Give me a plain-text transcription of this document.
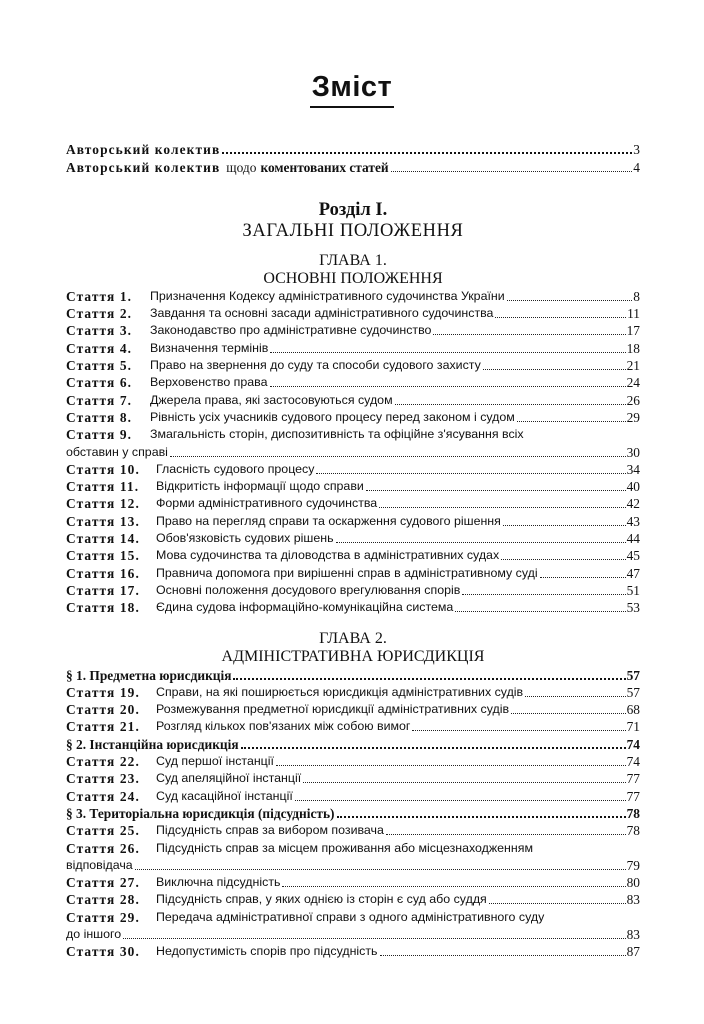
Зміст
Авторський колектив	3
Авторський колектив щодо коментованих статей	4
Розділ І.
ЗАГАЛЬНІ ПОЛОЖЕННЯ
ГЛАВА 1.
ОСНОВНІ ПОЛОЖЕННЯ
Стаття 1.	Призначення Кодексу адміністративного судочинства України	8
Стаття 2.	Завдання та основні засади адміністративного судочинства	11
Стаття 3.	Законодавство про адміністративне судочинство	17
Стаття 4.	Визначення термінів	18
Стаття 5.	Право на звернення до суду та способи судового захисту	21
Стаття 6.	Верховенство права	24
Стаття 7.	Джерела права, які застосовуються судом	26
Стаття 8.	Рівність усіх учасників судового процесу перед законом і судом	29
Стаття 9.	Змагальність сторін, диспозитивність та офіційне з'ясування всіх
обставин у справі	30
Стаття 10.	Гласність судового процесу	34
Стаття 11.	Відкритість інформації щодо справи	40
Стаття 12.	Форми адміністративного судочинства	42
Стаття 13.	Право на перегляд справи та оскарження судового рішення	43
Стаття 14.	Обов'язковість судових рішень	44
Стаття 15.	Мова судочинства та діловодства в адміністративних судах	45
Стаття 16.	Правнича допомога при вирішенні справ в адміністративному суді	47
Стаття 17.	Основні положення досудового врегулювання спорів	51
Стаття 18.	Єдина судова інформаційно-комунікаційна система	53
ГЛАВА 2.
АДМІНІСТРАТИВНА ЮРИСДИКЦІЯ
§ 1. Предметна юрисдикція	57
Стаття 19.	Справи, на які поширюється юрисдикція адміністративних судів	57
Стаття 20.	Розмежування предметної юрисдикції адміністративних судів	68
Стаття 21.	Розгляд кількох пов'язаних між собою вимог	71
§ 2. Інстанційна юрисдикція	74
Стаття 22.	Суд першої інстанції	74
Стаття 23.	Суд апеляційної інстанції	77
Стаття 24.	Суд касаційної інстанції	77
§ 3. Територіальна юрисдикція (підсудність)	78
Стаття 25.	Підсудність справ за вибором позивача	78
Стаття 26.	Підсудність справ за місцем проживання або місцезнаходженням
відповідача	79
Стаття 27.	Виключна підсудність	80
Стаття 28.	Підсудність справ, у яких однією із сторін є суд або суддя	83
Стаття 29.	Передача адміністративної справи з одного адміністративного суду
до іншого	83
Стаття 30.	Недопустимість спорів про підсудність	87
